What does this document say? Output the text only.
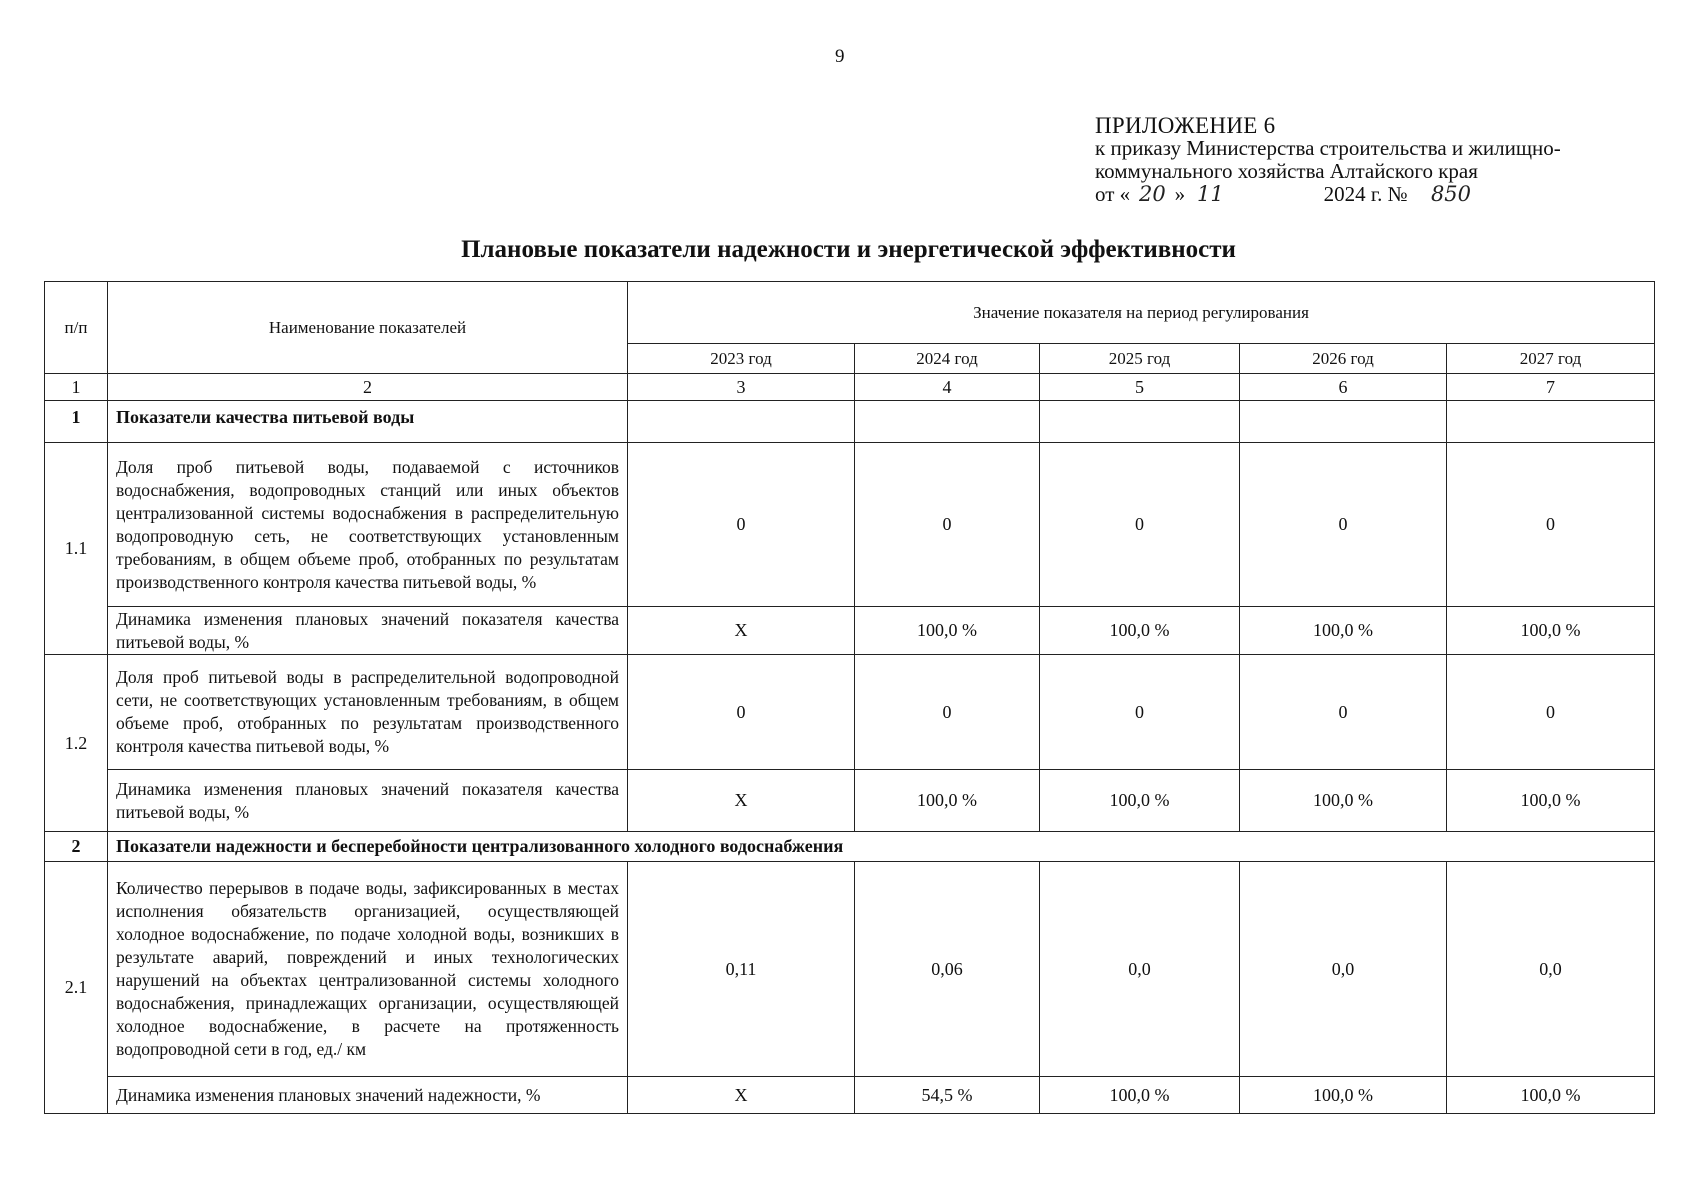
9
ПРИЛОЖЕНИЕ 6
к приказу Министерства строительства и жилищно-
коммунального хозяйства Алтайского края
от « 20 » 11	2024 г. № 850
Плановые показатели надежности и энергетической эффективности
п/п	Наименование показателей	Значение показателя на период регулирования				
		2023 год	2024 год	2025 год	2026 год	2027 год
1	2	3	4	5	6	7
1	Показатели качества питьевой воды					
1.1	Доля проб питьевой воды, подаваемой с источников водоснабжения, водопроводных станций или иных объектов централизованной системы водоснабжения в распределительную водопроводную сеть, не соответствующих установленным требованиям, в общем объеме проб, отобранных по результатам производственного контроля качества питьевой воды, %	0	0	0	0	0
	Динамика изменения плановых значений показателя качества питьевой воды, %	X	100,0 %	100,0 %	100,0 %	100,0 %
1.2	Доля проб питьевой воды в распределительной водопроводной сети, не соответствующих установленным требованиям, в общем объеме проб, отобранных по результатам производственного контроля качества питьевой воды, %	0	0	0	0	0
	Динамика изменения плановых значений показателя качества питьевой воды, %	X	100,0 %	100,0 %	100,0 %	100,0 %
2	Показатели надежности и бесперебойности централизованного холодного водоснабжения					
2.1	Количество перерывов в подаче воды, зафиксированных в местах исполнения обязательств организацией, осуществляющей холодное водоснабжение, по подаче холодной воды, возникших в результате аварий, повреждений и иных технологических нарушений на объектах централизованной системы холодного водоснабжения, принадлежащих организации, осуществляющей холодное водоснабжение, в расчете на протяженность водопроводной сети в год, ед./ км	0,11	0,06	0,0	0,0	0,0
	Динамика изменения плановых значений надежности, %	X	54,5 %	100,0 %	100,0 %	100,0 %
